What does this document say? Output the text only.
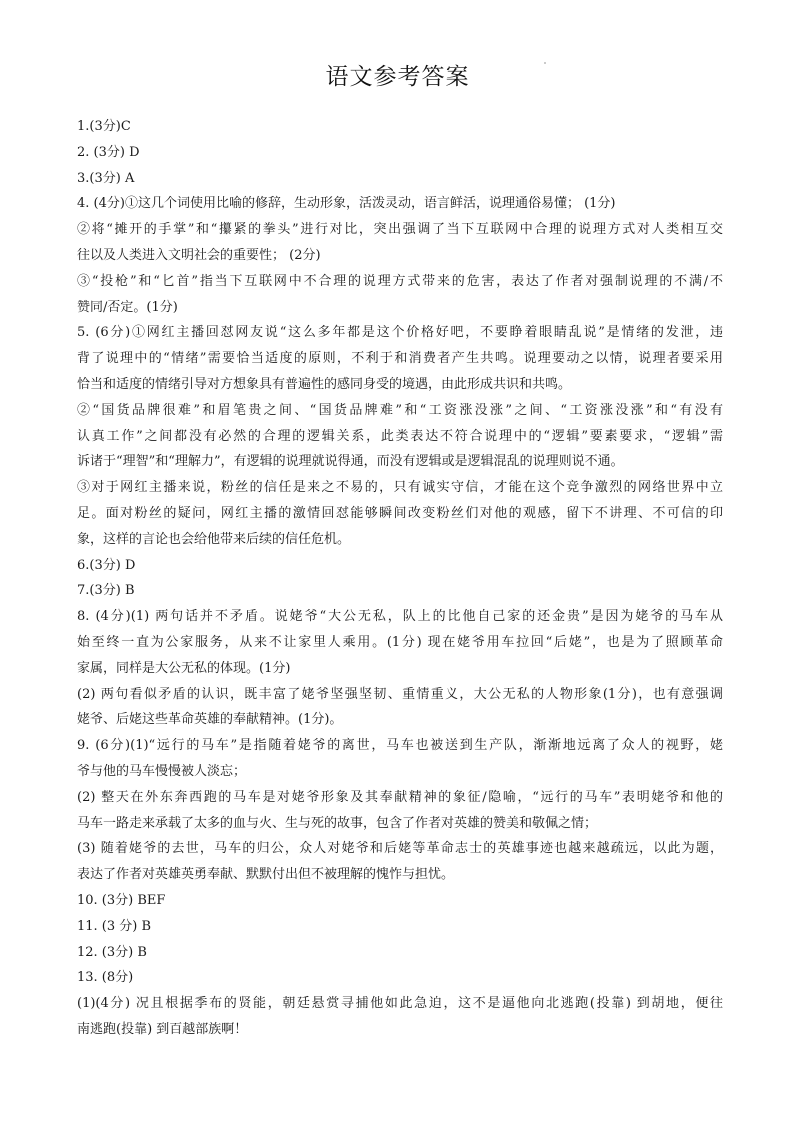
语文参考答案
1.(3分)C
2. (3分) D
3.(3分) A
4. (4分)①这几个词使用比喻的修辞，生动形象，活泼灵动，语言鲜活，说理通俗易懂； (1分)
②将“摊开的手掌”和“攥紧的拳头”进行对比，突出强调了当下互联网中合理的说理方式对人类相互交
往以及人类进入文明社会的重要性； (2分)
③“投枪”和“匕首”指当下互联网中不合理的说理方式带来的危害，表达了作者对强制说理的不满/不
赞同/否定。(1分)
5. (6分)①网红主播回怼网友说“这么多年都是这个价格好吧，不要睁着眼睛乱说”是情绪的发泄，违
背了说理中的“情绪”需要恰当适度的原则，不利于和消费者产生共鸣。说理要动之以情，说理者要采用
恰当和适度的情绪引导对方想象具有普遍性的感同身受的境遇，由此形成共识和共鸣。
②“国货品牌很难”和眉笔贵之间、“国货品牌难”和“工资涨没涨”之间、“工资涨没涨”和“有没有
认真工作”之间都没有必然的合理的逻辑关系，此类表达不符合说理中的“逻辑”要素要求，“逻辑”需
诉诸于“理智”和“理解力”，有逻辑的说理就说得通，而没有逻辑或是逻辑混乱的说理则说不通。
③对于网红主播来说，粉丝的信任是来之不易的，只有诚实守信，才能在这个竞争激烈的网络世界中立
足。面对粉丝的疑问，网红主播的激情回怼能够瞬间改变粉丝们对他的观感，留下不讲理、不可信的印
象，这样的言论也会给他带来后续的信任危机。
6.(3分) D
7.(3分) B
8. (4分)(1) 两句话并不矛盾。说姥爷“大公无私，队上的比他自己家的还金贵”是因为姥爷的马车从
始至终一直为公家服务，从来不让家里人乘用。(1分) 现在姥爷用车拉回“后姥”，也是为了照顾革命
家属，同样是大公无私的体现。(1分)
(2) 两句看似矛盾的认识，既丰富了姥爷坚强坚韧、重情重义，大公无私的人物形象(1分)，也有意强调
姥爷、后姥这些革命英雄的奉献精神。(1分)。
9. (6分)(1)“远行的马车”是指随着姥爷的离世，马车也被送到生产队，渐渐地远离了众人的视野，姥
爷与他的马车慢慢被人淡忘；
(2) 整天在外东奔西跑的马车是对姥爷形象及其奉献精神的象征/隐喻，“远行的马车”表明姥爷和他的
马车一路走来承载了太多的血与火、生与死的故事，包含了作者对英雄的赞美和敬佩之情；
(3) 随着姥爷的去世，马车的归公，众人对姥爷和后姥等革命志士的英雄事迹也越来越疏远，以此为题，
表达了作者对英雄英勇奉献、默默付出但不被理解的愧怍与担忧。
10. (3分) BEF
11. (3 分) B
12. (3分) B
13. (8分)
(1)(4分) 况且根据季布的贤能，朝廷悬赏寻捕他如此急迫，这不是逼他向北逃跑(投靠) 到胡地，便往
南逃跑(投靠) 到百越部族啊！
